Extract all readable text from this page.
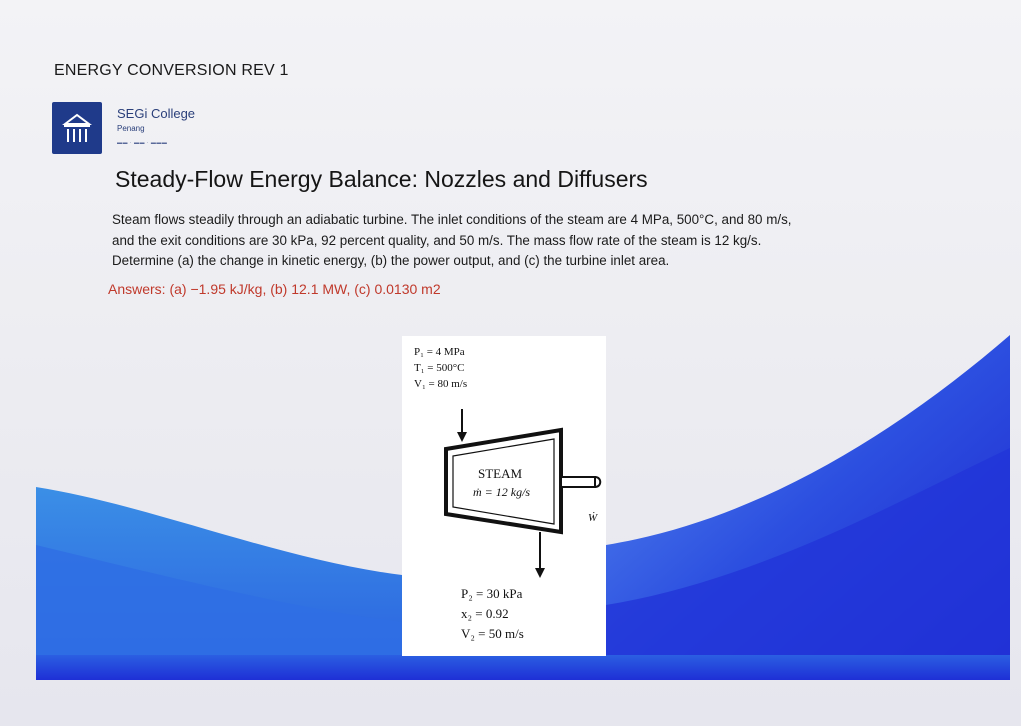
ENERGY CONVERSION REV 1
SEGi College
Penang
▬▬ · ▬▬ · ▬▬▬
Steady-Flow Energy Balance: Nozzles and Diffusers
Steam flows steadily through an adiabatic turbine. The inlet conditions of the steam are 4 MPa, 500°C, and 80 m/s,
and the exit conditions are 30 kPa, 92 percent quality, and 50 m/s. The mass flow rate of the steam is 12 kg/s.
Determine (a) the change in kinetic energy, (b) the power output, and (c) the turbine inlet area.
Answers: (a) −1.95 kJ/kg, (b) 12.1 MW, (c) 0.0130 m2
P₁ = 4 MPa
T₁ = 500°C
V₁ = 80 m/s
STEAM
ṁ = 12 kg/s
Ẇ
P₂ = 30 kPa
x₂ = 0.92
V₂ = 50 m/s
